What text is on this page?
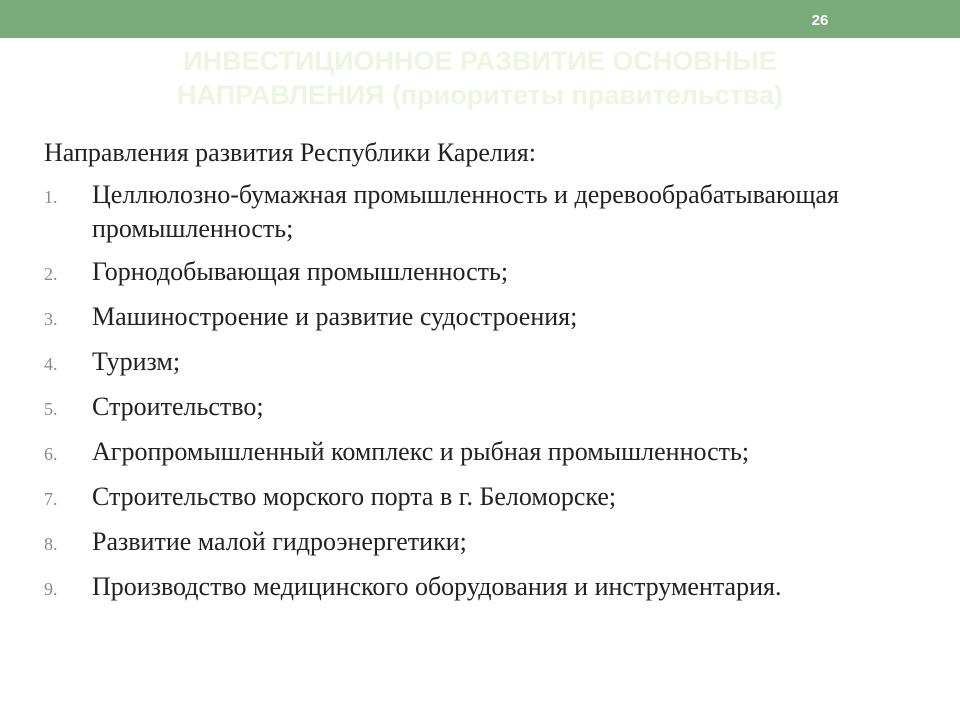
26
ИНВЕСТИЦИОННОЕ РАЗВИТИЕ ОСНОВНЫЕ НАПРАВЛЕНИЯ (приоритеты правительства)

Направления развития Республики Карелия:

1.	Целлюлозно-бумажная промышленность и деревообрабатывающая промышленность;
2.	Горнодобывающая промышленность;
3.	Машиностроение и развитие судостроения;
4.	Туризм;
5.	Строительство;
6.	Агропромышленный комплекс и рыбная промышленность;
7.	Строительство морского порта в г. Беломорске;
8.	Развитие малой гидроэнергетики;
9.	Производство медицинского оборудования и инструментария.
